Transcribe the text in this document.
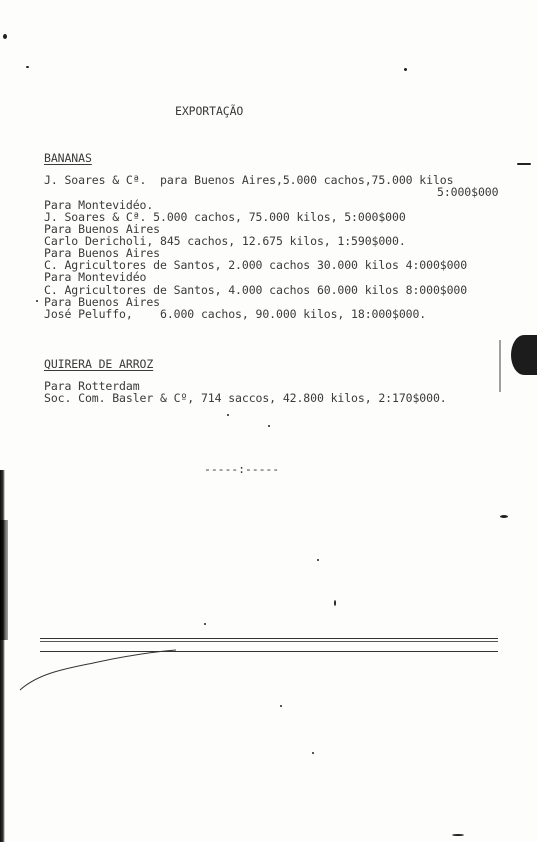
EXPORTAÇÃO
BANANAS
J. Soares & Cª.  para Buenos Aires,5.000 cachos,75.000 kilos
5:000$000
Para Montevidéo.
J. Soares & Cª. 5.000 cachos, 75.000 kilos, 5:000$000
Para Buenos Aires
Carlo Dericholi, 845 cachos, 12.675 kilos, 1:590$000.
Para Buenos Aires
C. Agricultores de Santos, 2.000 cachos 30.000 kilos 4:000$000
Para Montevidéo
C. Agricultores de Santos, 4.000 cachos 60.000 kilos 8:000$000
Para Buenos Aires
José Peluffo,    6.000 cachos, 90.000 kilos, 18:000$000.
QUIRERA DE ARROZ
Para Rotterdam
Soc. Com. Basler & Cº, 714 saccos, 42.800 kilos, 2:170$000.
-----:-----
